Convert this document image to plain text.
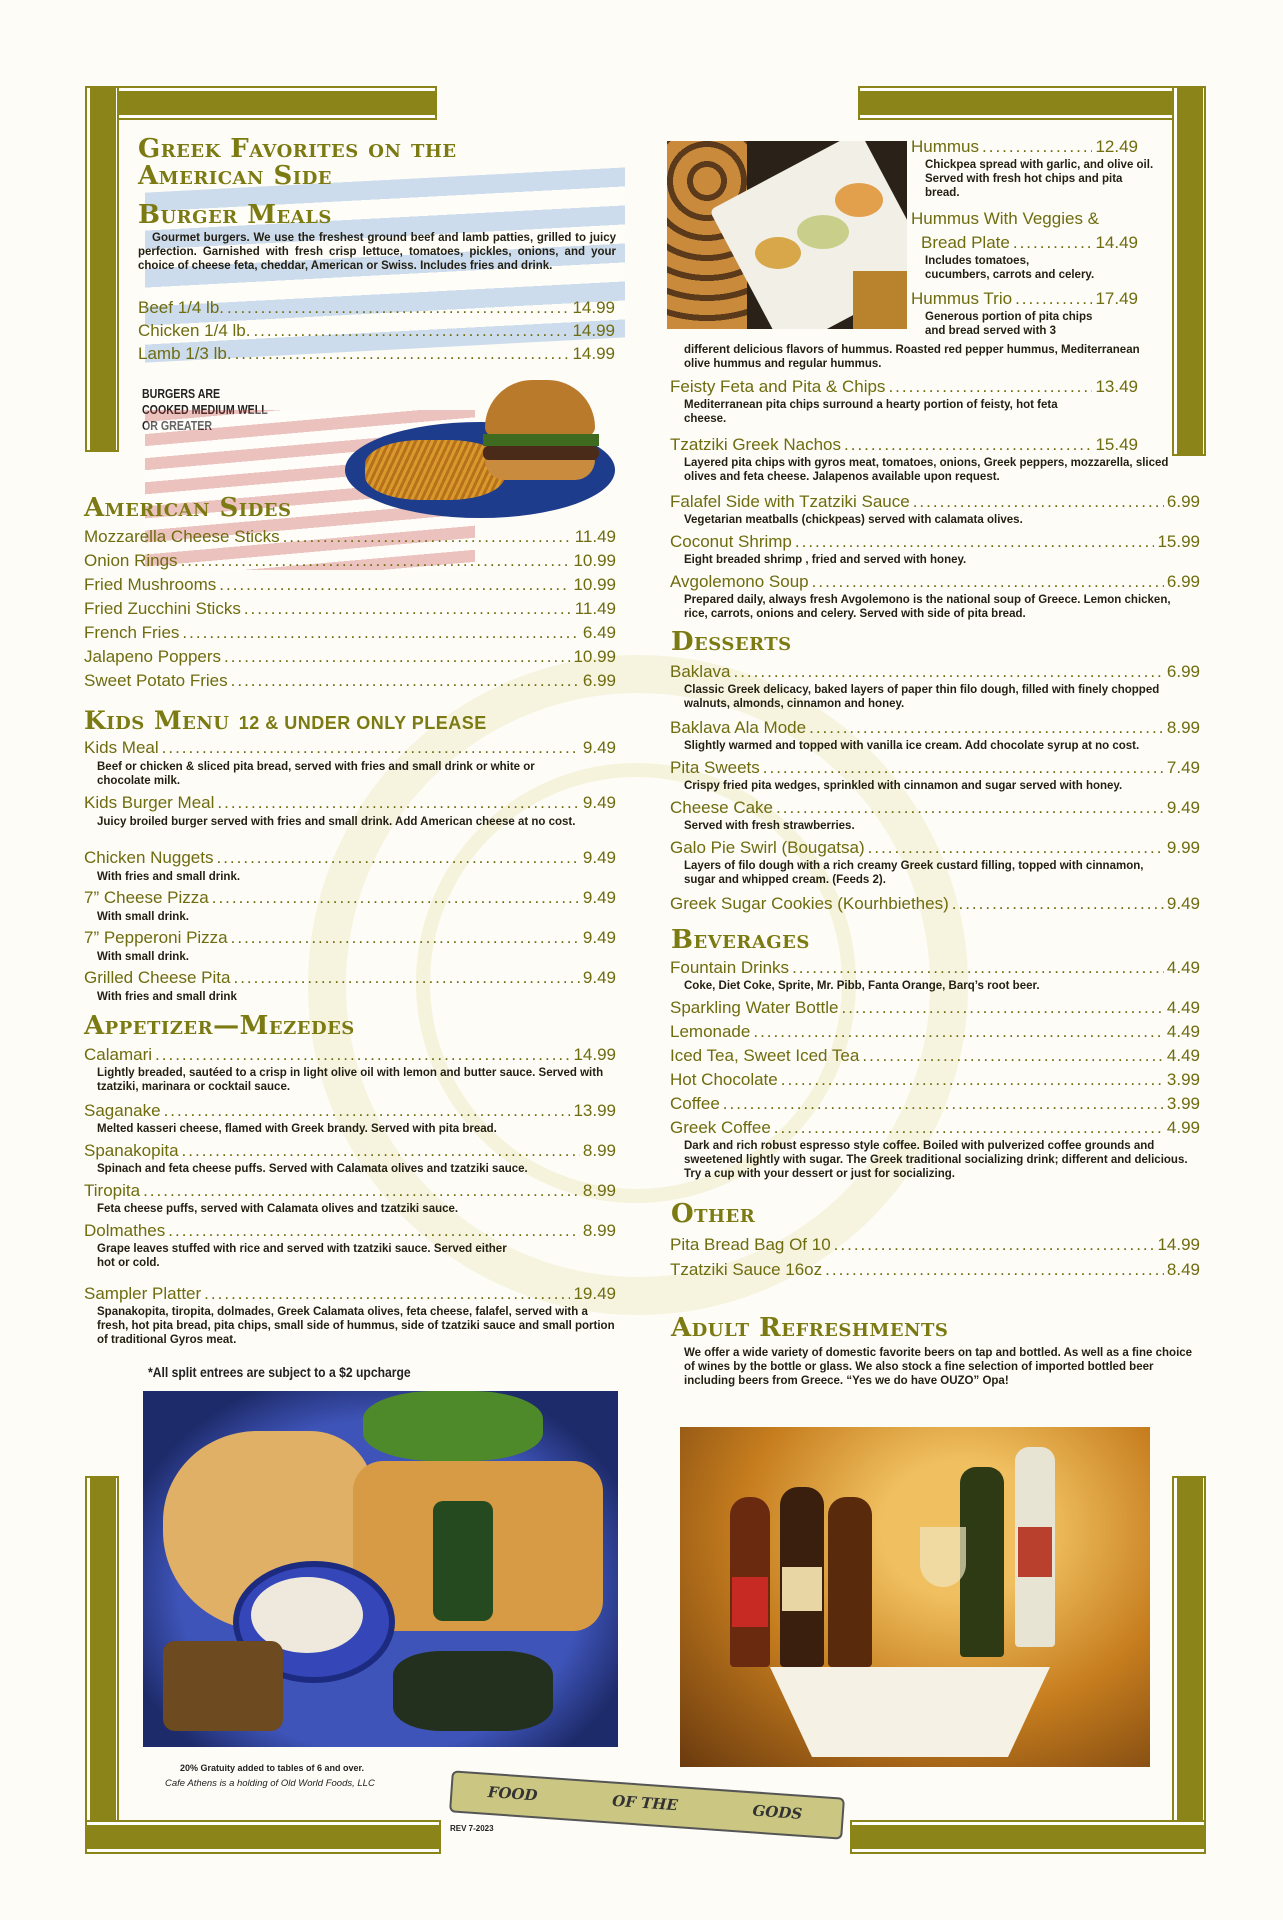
Greek Favorites on the American Side
Burger Meals
Gourmet burgers. We use the freshest ground beef and lamb patties, grilled to juicy perfection. Garnished with fresh crisp lettuce, tomatoes, pickles, onions, and your choice of cheese feta, cheddar, American or Swiss. Includes fries and drink.
Beef 1/4 lb. .....	14.99
Chicken 1/4 lb. .....	14.99
Lamb 1/3 lb. .....	14.99
BURGERS ARE COOKED MEDIUM WELL OR GREATER
American Sides
Mozzarella Cheese Sticks .....	11.49
Onion Rings .....	10.99
Fried Mushrooms .....	10.99
Fried Zucchini Sticks .....	11.49
French Fries .....	6.49
Jalapeno Poppers .....	10.99
Sweet Potato Fries .....	6.99
Kids Menu 12 & UNDER ONLY PLEASE
Kids Meal .....	9.49
Beef or chicken & sliced pita bread, served with fries and small drink or white or chocolate milk.
Kids Burger Meal .....	9.49
Juicy broiled burger served with fries and small drink. Add American cheese at no cost.
Chicken Nuggets .....	9.49
With fries and small drink.
7” Cheese Pizza .....	9.49
With small drink.
7” Pepperoni Pizza .....	9.49
With small drink.
Grilled Cheese Pita .....	9.49
With fries and small drink
Appetizer—Mezedes
Calamari .....	14.99
Lightly breaded, sautéed to a crisp in light olive oil with lemon and butter sauce. Served with tzatziki, marinara or cocktail sauce.
Saganake .....	13.99
Melted kasseri cheese, flamed with Greek brandy. Served with pita bread.
Spanakopita .....	8.99
Spinach and feta cheese puffs. Served with Calamata olives and tzatziki sauce.
Tiropita .....	8.99
Feta cheese puffs, served with Calamata olives and tzatziki sauce.
Dolmathes .....	8.99
Grape leaves stuffed with rice and served with tzatziki sauce. Served either hot or cold.
Sampler Platter .....	19.49
Spanakopita, tiropita, dolmades, Greek Calamata olives, feta cheese, falafel, served with a fresh, hot pita bread, pita chips, small side of hummus, side of tzatziki sauce and small portion of traditional Gyros meat.
*All split entrees are subject to a $2 upcharge
20% Gratuity added to tables of 6 and over.
Cafe Athens is a holding of Old World Foods, LLC
REV 7-2023
FOOD	OF THE	GODS
Hummus .....	12.49
Chickpea spread with garlic, and olive oil. Served with fresh hot chips and pita bread.
Hummus With Veggies &
Bread Plate .....	14.49
Includes tomatoes, cucumbers, carrots and celery.
Hummus Trio .....	17.49
Generous portion of pita chips and bread served with 3
different delicious flavors of hummus. Roasted red pepper hummus, Mediterranean olive hummus and regular hummus.
Feisty Feta and Pita & Chips .....	13.49
Mediterranean pita chips surround a hearty portion of feisty, hot feta cheese.
Tzatziki Greek Nachos .....	15.49
Layered pita chips with gyros meat, tomatoes, onions, Greek peppers, mozzarella, sliced olives and feta cheese. Jalapenos available upon request.
Falafel Side with Tzatziki Sauce .....	6.99
Vegetarian meatballs (chickpeas) served with calamata olives.
Coconut Shrimp .....	15.99
Eight breaded shrimp , fried and served with honey.
Avgolemono Soup .....	6.99
Prepared daily, always fresh Avgolemono is the national soup of Greece. Lemon chicken, rice, carrots, onions and celery. Served with side of pita bread.
Desserts
Baklava .....	6.99
Classic Greek delicacy, baked layers of paper thin filo dough, filled with finely chopped walnuts, almonds, cinnamon and honey.
Baklava Ala Mode .....	8.99
Slightly warmed and topped with vanilla ice cream. Add chocolate syrup at no cost.
Pita Sweets .....	7.49
Crispy fried pita wedges, sprinkled with cinnamon and sugar served with honey.
Cheese Cake .....	9.49
Served with fresh strawberries.
Galo Pie Swirl (Bougatsa) .....	9.99
Layers of filo dough with a rich creamy Greek custard filling, topped with cinnamon, sugar and whipped cream. (Feeds 2).
Greek Sugar Cookies (Kourhbiethes) .....	9.49
Beverages
Fountain Drinks .....	4.49
Coke, Diet Coke, Sprite, Mr. Pibb, Fanta Orange, Barq’s root beer.
Sparkling Water Bottle .....	4.49
Lemonade .....	4.49
Iced Tea, Sweet Iced Tea .....	4.49
Hot Chocolate .....	3.99
Coffee .....	3.99
Greek Coffee .....	4.99
Dark and rich robust espresso style coffee. Boiled with pulverized coffee grounds and sweetened lightly with sugar. The Greek traditional socializing drink; different and delicious. Try a cup with your dessert or just for socializing.
Other
Pita Bread Bag Of 10 .....	14.99
Tzatziki Sauce 16oz .....	8.49
Adult Refreshments
We offer a wide variety of domestic favorite beers on tap and bottled. As well as a fine choice of wines by the bottle or glass. We also stock a fine selection of imported bottled beer including beers from Greece. “Yes we do have OUZO” Opa!
